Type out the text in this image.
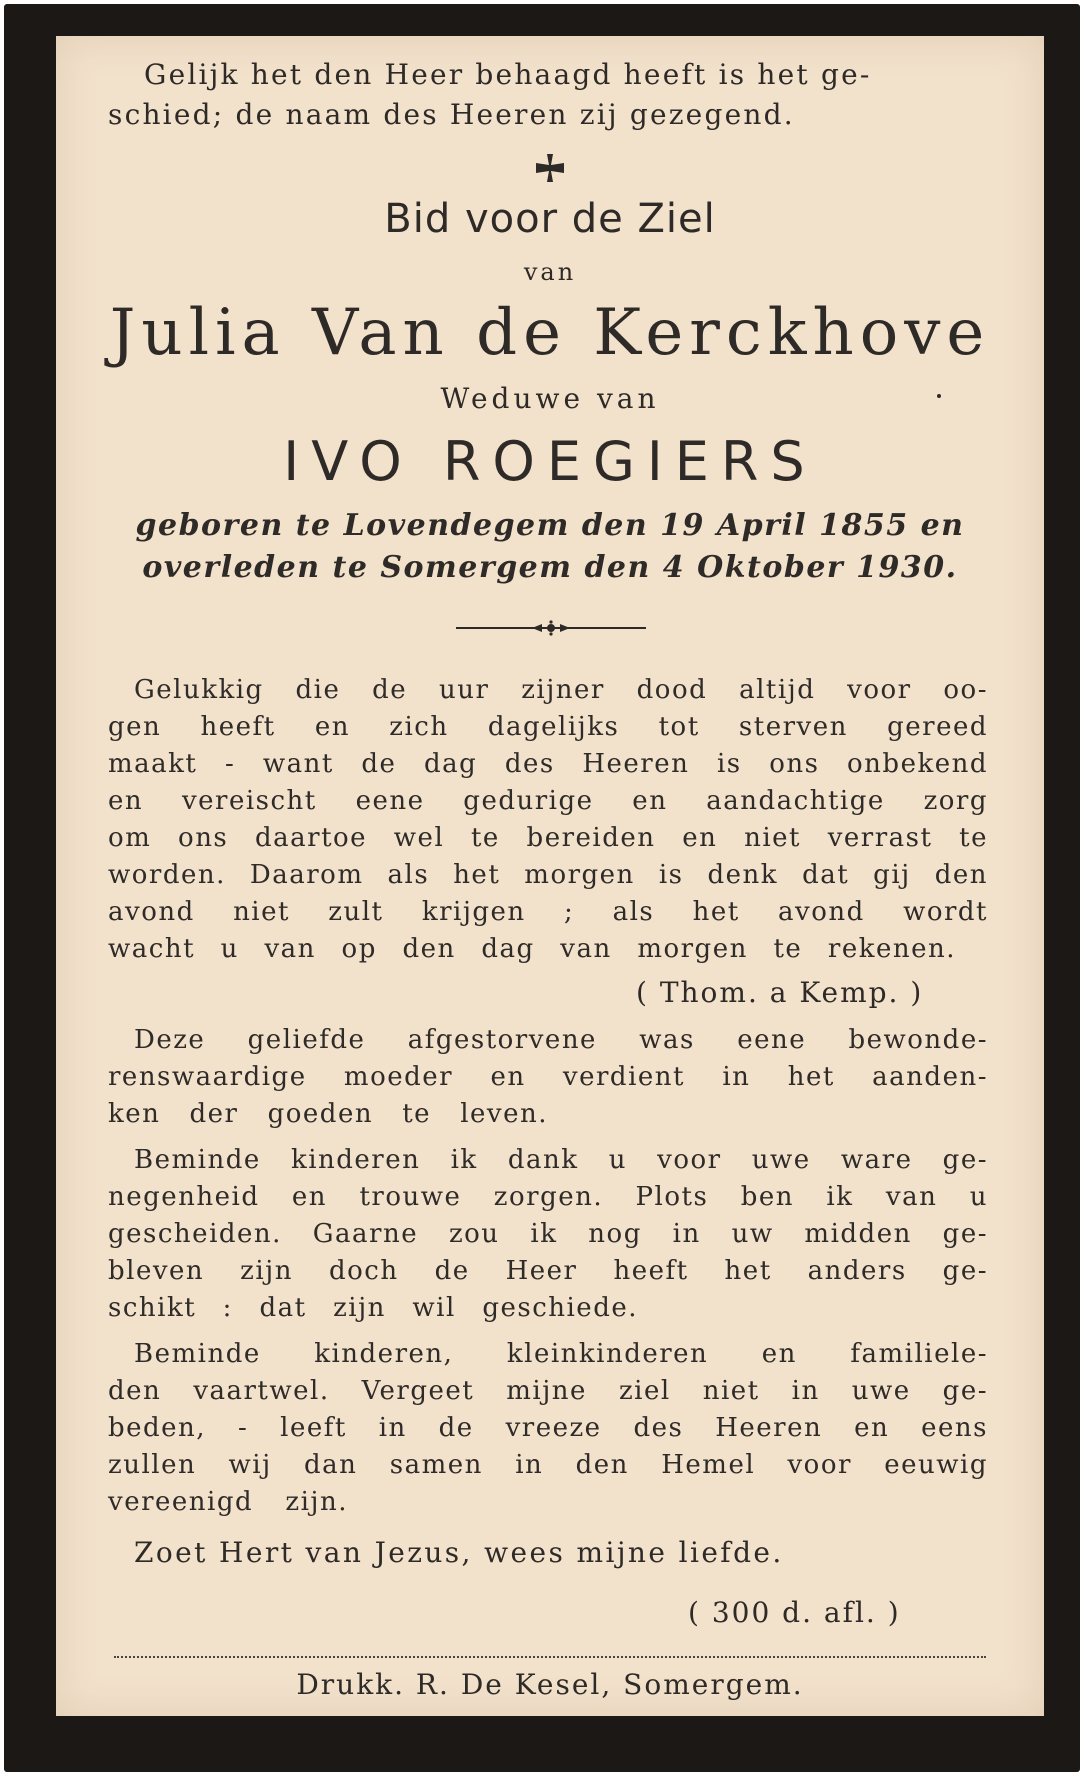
Gelijk het den Heer behaagd heeft is het ge-

schied; de naam des Heeren zij gezegend.

Bid voor de Ziel

van

Julia Van de Kerckhove

Weduwe van

IVO ROEGIERS

geboren te Lovendegem den 19 April 1855 en

overleden te Somergem den 4 Oktober 1930.

Gelukkig die de uur zijner dood altijd voor oo-

gen heeft en zich dagelijks tot sterven gereed

maakt - want de dag des Heeren is ons onbekend

en vereischt eene gedurige en aandachtige zorg

om ons daartoe wel te bereiden en niet verrast te

worden. Daarom als het morgen is denk dat gij den

avond niet zult krijgen ; als het avond wordt

wacht u van op den dag van morgen te rekenen.

( Thom. a Kemp. )

Deze geliefde afgestorvene was eene bewonde-

renswaardige moeder en verdient in het aanden-

ken der goeden te leven.

Beminde kinderen ik dank u voor uwe ware ge-

negenheid en trouwe zorgen. Plots ben ik van u

gescheiden. Gaarne zou ik nog in uw midden ge-

bleven zijn doch de Heer heeft het anders ge-

schikt : dat zijn wil geschiede.

Beminde kinderen, kleinkinderen en familiele-

den vaartwel. Vergeet mijne ziel niet in uwe ge-

beden, - leeft in de vreeze des Heeren en eens

zullen wij dan samen in den Hemel voor eeuwig

vereenigd zijn.

Zoet Hert van Jezus, wees mijne liefde.

( 300 d. afl. )

Drukk. R. De Kesel, Somergem.
